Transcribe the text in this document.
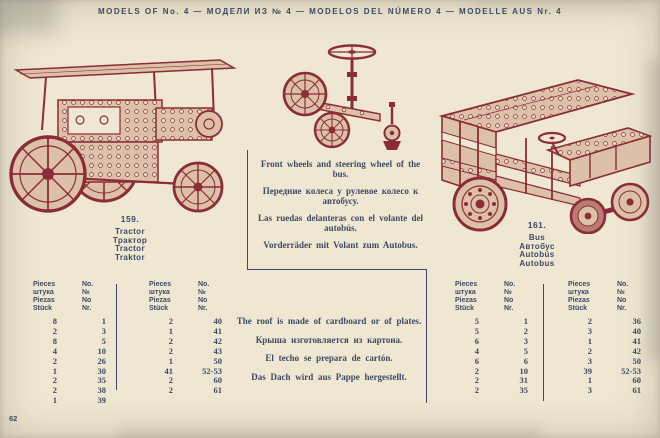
MODELS OF No. 4 — МОДЕЛИ ИЗ № 4 — MODELOS DEL NÚMERO 4 — MODELLE AUS Nr. 4
159.
Tractor
Трактор
Tractor
Traktor
161.
Bus
Автобус
Autobús
Autobus
Front wheels and steering wheel of the bus.
Передние колеса у рулевое колесо к автобусу.
Las ruedas delanteras con el volante del autobús.
Vorderräder mit Volant zum Autobus.
The roof is made of cardboard or of plates.
Крыша изготовляется из картона.
El techo se prepara de cartón.
Das Dach wird aus Pappe hergestellt.
Pieces
штука
Piezas
Stück
No.
№
No
Nr.
8	1
2	3
8	5
4	10
2	26
1	30
2	35
2	38
1	39
Pieces
штука
Piezas
Stück
No.
№
No
Nr.
2	40
1	41
2	42
2	43
1	50
41	52-53
2	60
2	61
Pieces
штука
Piezas
Stück
No.
№
No
Nr.
5	1
5	2
6	3
4	5
6	6
2	10
2	31
2	35
Pieces
штука
Piezas
Stück
No.
№
No
Nr.
2	36
3	40
1	41
2	42
3	50
39	52-53
1	60
3	61
62
